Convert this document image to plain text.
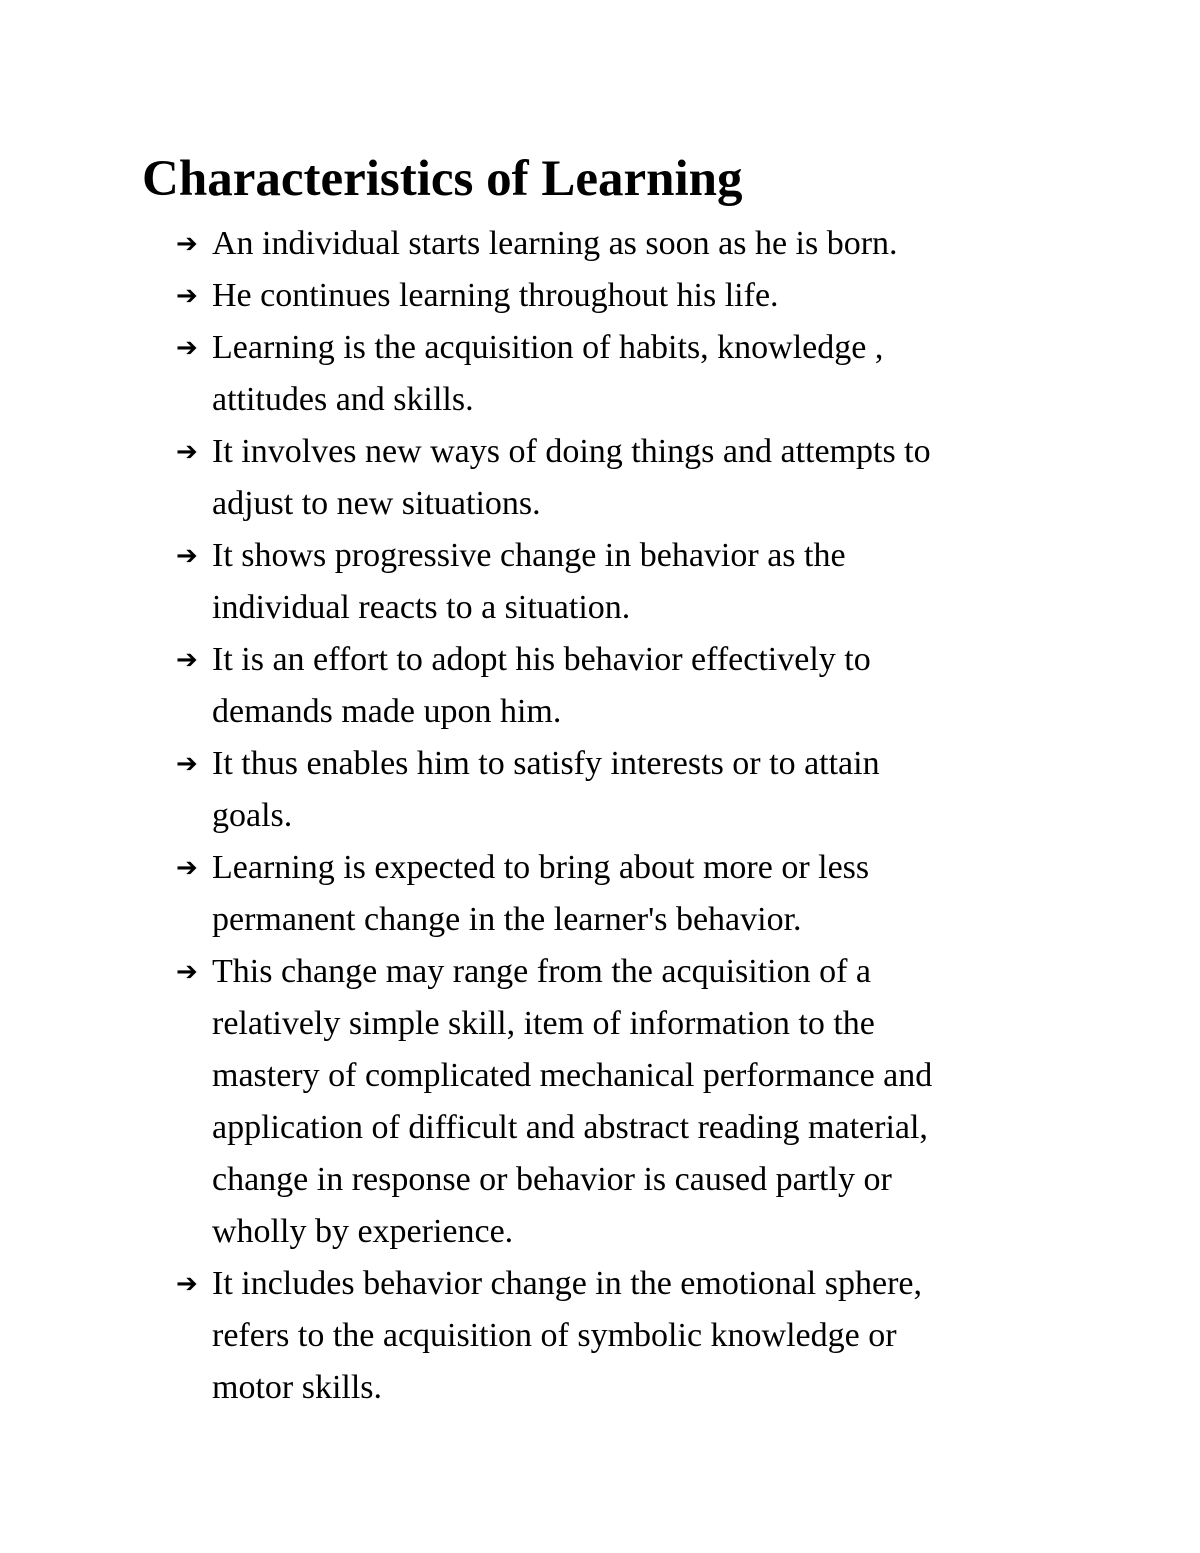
Characteristics of Learning
➔ An individual starts learning as soon as he is born.
➔ He continues learning throughout his life.
➔ Learning is the acquisition of habits, knowledge ,
attitudes and skills.
➔ It involves new ways of doing things and attempts to
adjust to new situations.
➔ It shows progressive change in behavior as the
individual reacts to a situation.
➔ It is an effort to adopt his behavior effectively to
demands made upon him.
➔ It thus enables him to satisfy interests or to attain
goals.
➔ Learning is expected to bring about more or less
permanent change in the learner's behavior.
➔ This change may range from the acquisition of a
relatively simple skill, item of information to the
mastery of complicated mechanical performance and
application of difficult and abstract reading material,
change in response or behavior is caused partly or
wholly by experience.
➔ It includes behavior change in the emotional sphere,
refers to the acquisition of symbolic knowledge or
motor skills.
